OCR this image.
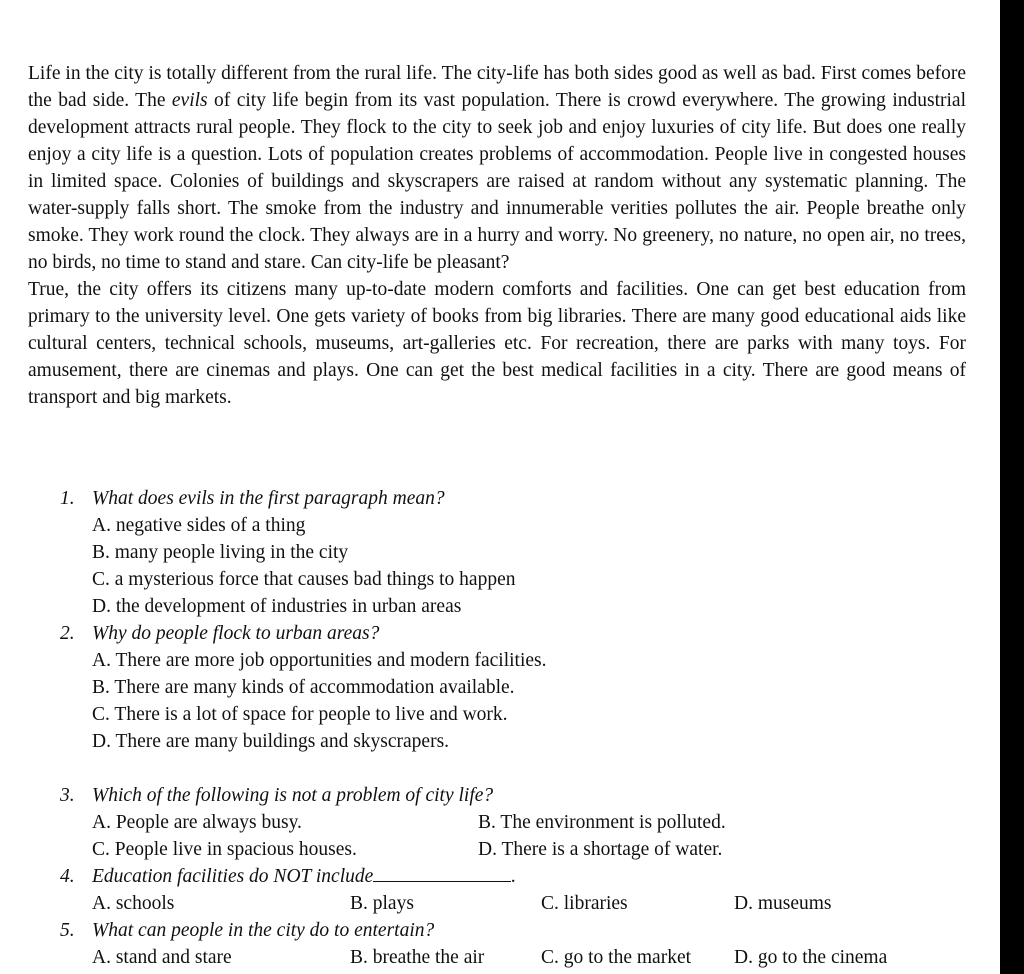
Life in the city is totally different from the rural life. The city-life has both sides good as well as bad. First comes before the bad side. The evils of city life begin from its vast population. There is crowd everywhere. The growing industrial development attracts rural people. They flock to the city to seek job and enjoy luxuries of city life. But does one really enjoy a city life is a question. Lots of population creates problems of accommodation. People live in congested houses in limited space. Colonies of buildings and skyscrapers are raised at random without any systematic planning. The water-supply falls short. The smoke from the industry and innumerable verities pollutes the air. People breathe only smoke. They work round the clock. They always are in a hurry and worry. No greenery, no nature, no open air, no trees, no birds, no time to stand and stare. Can city-life be pleasant?

True, the city offers its citizens many up-to-date modern comforts and facilities. One can get best education from primary to the university level. One gets variety of books from big libraries. There are many good educational aids like cultural centers, technical schools, museums, art-galleries etc. For recreation, there are parks with many toys. For amusement, there are cinemas and plays. One can get the best medical facilities in a city. There are good means of transport and big markets.

1. What does evils in the first paragraph mean?
A. negative sides of a thing
B. many people living in the city
C. a mysterious force that causes bad things to happen
D. the development of industries in urban areas
2. Why do people flock to urban areas?
A. There are more job opportunities and modern facilities.
B. There are many kinds of accommodation available.
C. There is a lot of space for people to live and work.
D. There are many buildings and skyscrapers.
3. Which of the following is not a problem of city life?
A. People are always busy.	B. The environment is polluted.
C. People live in spacious houses.	D. There is a shortage of water.
4. Education facilities do NOT include	.
A. schools	B. plays	C. libraries	D. museums
5. What can people in the city do to entertain?
A. stand and stare	B. breathe the air	C. go to the market	D. go to the cinema
